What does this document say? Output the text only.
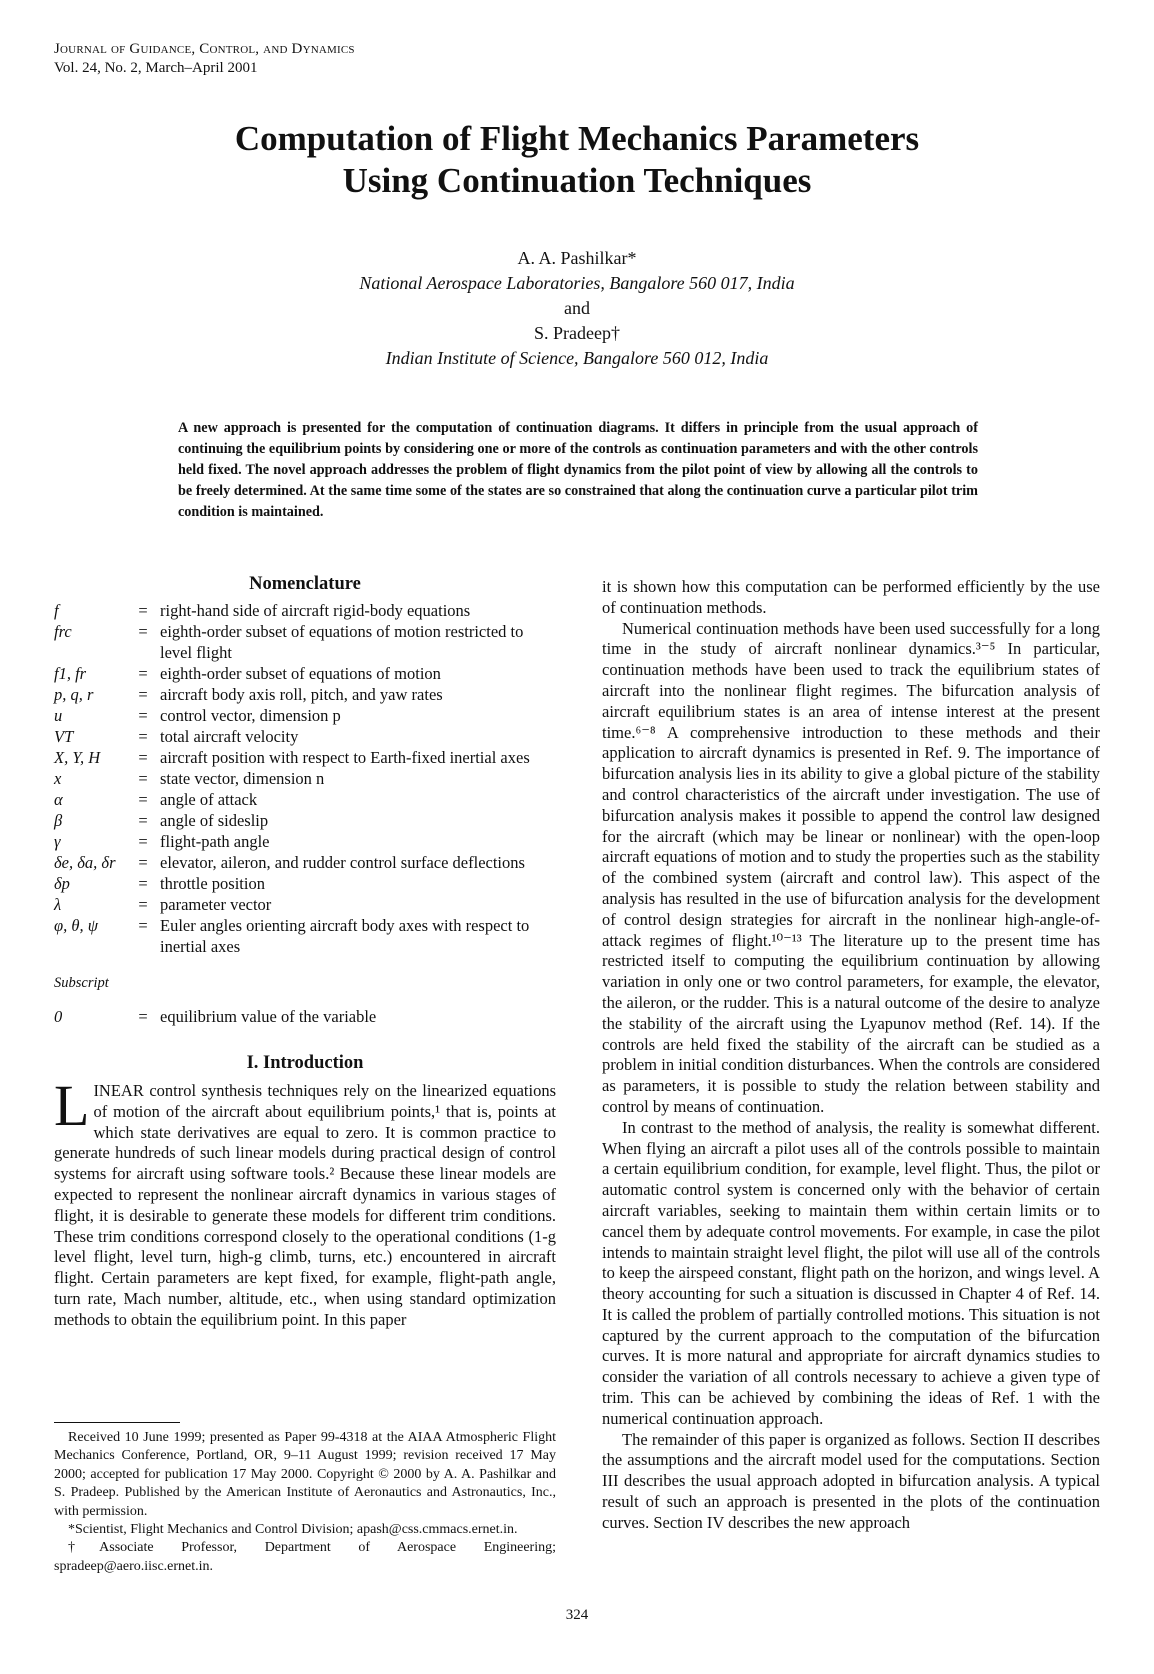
Journal of Guidance, Control, and Dynamics
Vol. 24, No. 2, March–April 2001
Computation of Flight Mechanics Parameters
Using Continuation Techniques
A. A. Pashilkar*
National Aerospace Laboratories, Bangalore 560 017, India
and
S. Pradeep†
Indian Institute of Science, Bangalore 560 012, India
A new approach is presented for the computation of continuation diagrams. It differs in principle from the usual approach of continuing the equilibrium points by considering one or more of the controls as continuation parameters and with the other controls held fixed. The novel approach addresses the problem of flight dynamics from the pilot point of view by allowing all the controls to be freely determined. At the same time some of the states are so constrained that along the continuation curve a particular pilot trim condition is maintained.
Nomenclature
f	= right-hand side of aircraft rigid-body equations
frc	= eighth-order subset of equations of motion restricted to level flight
f1, fr	= eighth-order subset of equations of motion
p, q, r	= aircraft body axis roll, pitch, and yaw rates
u	= control vector, dimension p
VT	= total aircraft velocity
X, Y, H	= aircraft position with respect to Earth-fixed inertial axes
x	= state vector, dimension n
α	= angle of attack
β	= angle of sideslip
γ	= flight-path angle
δe, δa, δr	= elevator, aileron, and rudder control surface deflections
δp	= throttle position
λ	= parameter vector
φ, θ, ψ	= Euler angles orienting aircraft body axes with respect to inertial axes
Subscript
0	= equilibrium value of the variable
I. Introduction

LINEAR control synthesis techniques rely on the linearized equations of motion of the aircraft about equilibrium points,¹ that is, points at which state derivatives are equal to zero. It is common practice to generate hundreds of such linear models during practical design of control systems for aircraft using software tools.² Because these linear models are expected to represent the nonlinear aircraft dynamics in various stages of flight, it is desirable to generate these models for different trim conditions. These trim conditions correspond closely to the operational conditions (1-g level flight, level turn, high-g climb, turns, etc.) encountered in aircraft flight. Certain parameters are kept fixed, for example, flight-path angle, turn rate, Mach number, altitude, etc., when using standard optimization methods to obtain the equilibrium point. In this paper

Received 10 June 1999; presented as Paper 99-4318 at the AIAA Atmospheric Flight Mechanics Conference, Portland, OR, 9–11 August 1999; revision received 17 May 2000; accepted for publication 17 May 2000. Copyright © 2000 by A. A. Pashilkar and S. Pradeep. Published by the American Institute of Aeronautics and Astronautics, Inc., with permission.

*Scientist, Flight Mechanics and Control Division; apash@css.cmmacs.ernet.in.

†Associate Professor, Department of Aerospace Engineering; spradeep@aero.iisc.ernet.in.

it is shown how this computation can be performed efficiently by the use of continuation methods.

Numerical continuation methods have been used successfully for a long time in the study of aircraft nonlinear dynamics.³⁻⁵ In particular, continuation methods have been used to track the equilibrium states of aircraft into the nonlinear flight regimes. The bifurcation analysis of aircraft equilibrium states is an area of intense interest at the present time.⁶⁻⁸ A comprehensive introduction to these methods and their application to aircraft dynamics is presented in Ref. 9. The importance of bifurcation analysis lies in its ability to give a global picture of the stability and control characteristics of the aircraft under investigation. The use of bifurcation analysis makes it possible to append the control law designed for the aircraft (which may be linear or nonlinear) with the open-loop aircraft equations of motion and to study the properties such as the stability of the combined system (aircraft and control law). This aspect of the analysis has resulted in the use of bifurcation analysis for the development of control design strategies for aircraft in the nonlinear high-angle-of-attack regimes of flight.¹⁰⁻¹³ The literature up to the present time has restricted itself to computing the equilibrium continuation by allowing variation in only one or two control parameters, for example, the elevator, the aileron, or the rudder. This is a natural outcome of the desire to analyze the stability of the aircraft using the Lyapunov method (Ref. 14). If the controls are held fixed the stability of the aircraft can be studied as a problem in initial condition disturbances. When the controls are considered as parameters, it is possible to study the relation between stability and control by means of continuation.

In contrast to the method of analysis, the reality is somewhat different. When flying an aircraft a pilot uses all of the controls possible to maintain a certain equilibrium condition, for example, level flight. Thus, the pilot or automatic control system is concerned only with the behavior of certain aircraft variables, seeking to maintain them within certain limits or to cancel them by adequate control movements. For example, in case the pilot intends to maintain straight level flight, the pilot will use all of the controls to keep the airspeed constant, flight path on the horizon, and wings level. A theory accounting for such a situation is discussed in Chapter 4 of Ref. 14. It is called the problem of partially controlled motions. This situation is not captured by the current approach to the computation of the bifurcation curves. It is more natural and appropriate for aircraft dynamics studies to consider the variation of all controls necessary to achieve a given type of trim. This can be achieved by combining the ideas of Ref. 1 with the numerical continuation approach.

The remainder of this paper is organized as follows. Section II describes the assumptions and the aircraft model used for the computations. Section III describes the usual approach adopted in bifurcation analysis. A typical result of such an approach is presented in the plots of the continuation curves. Section IV describes the new approach

324
